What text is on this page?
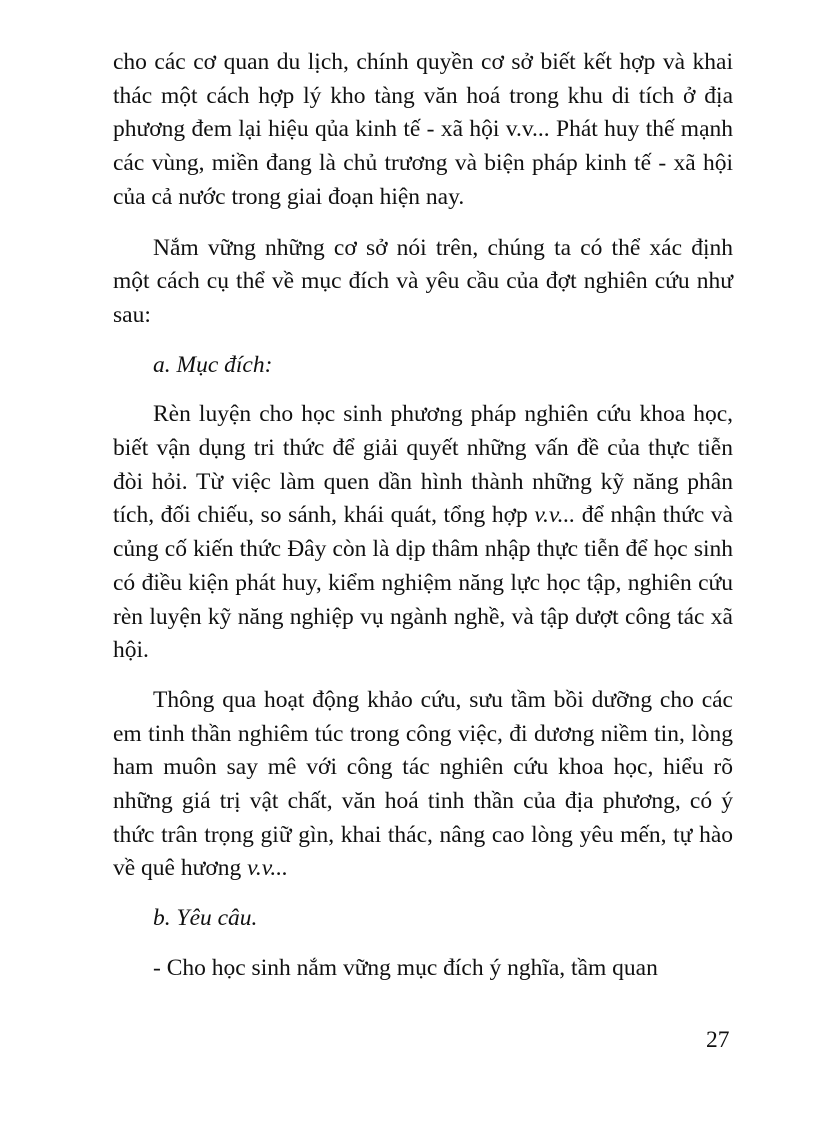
cho các cơ quan du lịch, chính quyền cơ sở biết kết hợp và khai thác một cách hợp lý kho tàng văn hoá trong khu di tích ở địa phương đem lại hiệu qủa kinh tế - xã hội v.v... Phát huy thế mạnh các vùng, miền đang là chủ trương và biện pháp kinh tế - xã hội của cả nước trong giai đoạn hiện nay.

Nắm vững những cơ sở nói trên, chúng ta có thể xác định một cách cụ thể về mục đích và yêu cầu của đợt nghiên cứu như sau:

a. Mục đích:

Rèn luyện cho học sinh phương pháp nghiên cứu khoa học, biết vận dụng tri thức để giải quyết những vấn đề của thực tiễn đòi hỏi. Từ việc làm quen dần hình thành những kỹ năng phân tích, đối chiếu, so sánh, khái quát, tổng hợp v.v... để nhận thức và củng cố kiến thức Đây còn là dịp thâm nhập thực tiễn để học sinh có điều kiện phát huy, kiểm nghiệm năng lực học tập, nghiên cứu rèn luyện kỹ năng nghiệp vụ ngành nghề, và tập dượt công tác xã hội.

Thông qua hoạt động khảo cứu, sưu tầm bồi dưỡng cho các em tinh thần nghiêm túc trong công việc, đi dương niềm tin, lòng ham muôn say mê với công tác nghiên cứu khoa học, hiểu rõ những giá trị vật chất, văn hoá tinh thần của địa phương, có ý thức trân trọng giữ gìn, khai thác, nâng cao lòng yêu mến, tự hào về quê hương v.v...

b. Yêu câu.

- Cho học sinh nắm vững mục đích ý nghĩa, tầm quan

27
